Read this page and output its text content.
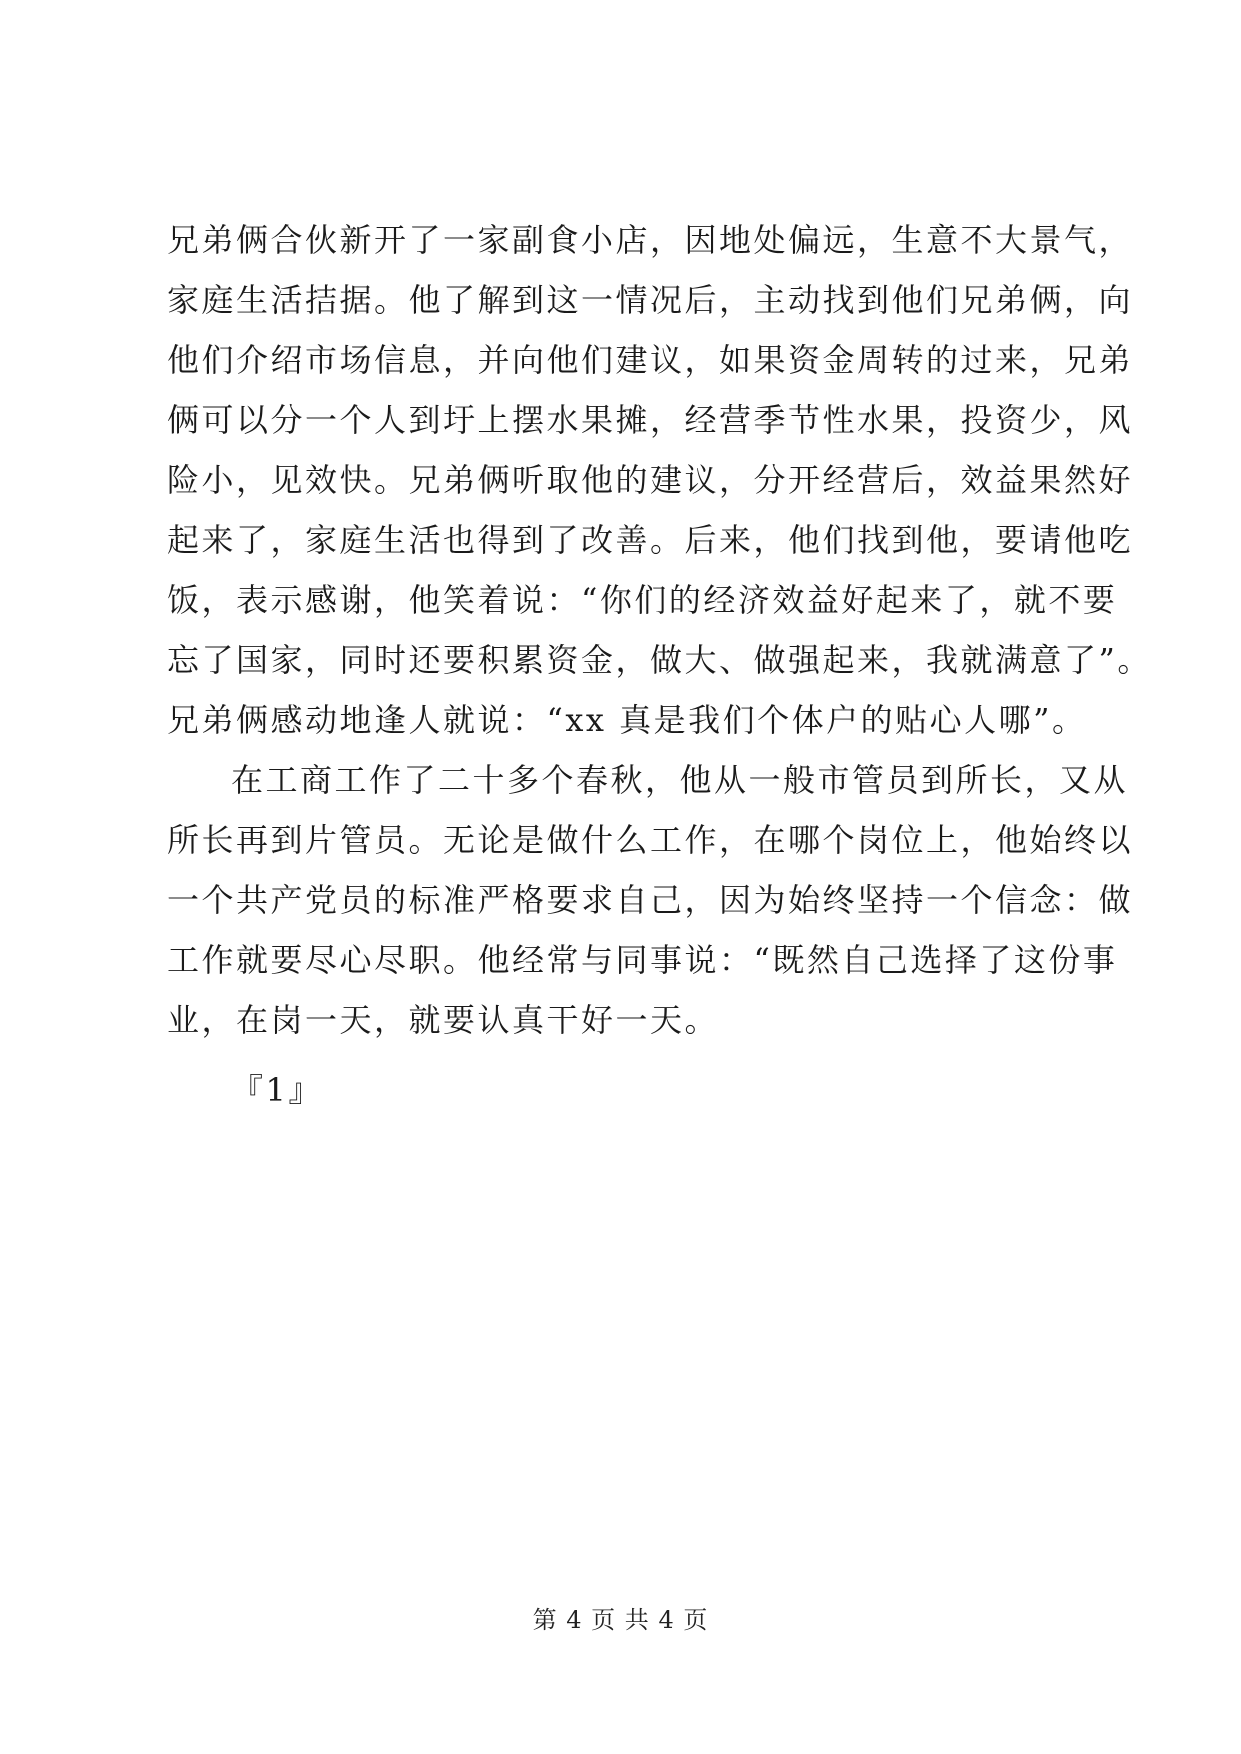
兄弟俩合伙新开了一家副食小店，因地处偏远，生意不大景气，
家庭生活拮据。他了解到这一情况后，主动找到他们兄弟俩，向
他们介绍市场信息，并向他们建议，如果资金周转的过来，兄弟
俩可以分一个人到圩上摆水果摊，经营季节性水果，投资少，风
险小，见效快。兄弟俩听取他的建议，分开经营后，效益果然好
起来了，家庭生活也得到了改善。后来，他们找到他，要请他吃
饭，表示感谢，他笑着说：“你们的经济效益好起来了，就不要
忘了国家，同时还要积累资金，做大、做强起来，我就满意了”。
兄弟俩感动地逢人就说：“xx 真是我们个体户的贴心人哪”。
在工商工作了二十多个春秋，他从一般市管员到所长，又从
所长再到片管员。无论是做什么工作，在哪个岗位上，他始终以
一个共产党员的标准严格要求自己，因为始终坚持一个信念：做
工作就要尽心尽职。他经常与同事说：“既然自己选择了这份事
业，在岗一天，就要认真干好一天。
『1』
第 4 页 共 4 页
